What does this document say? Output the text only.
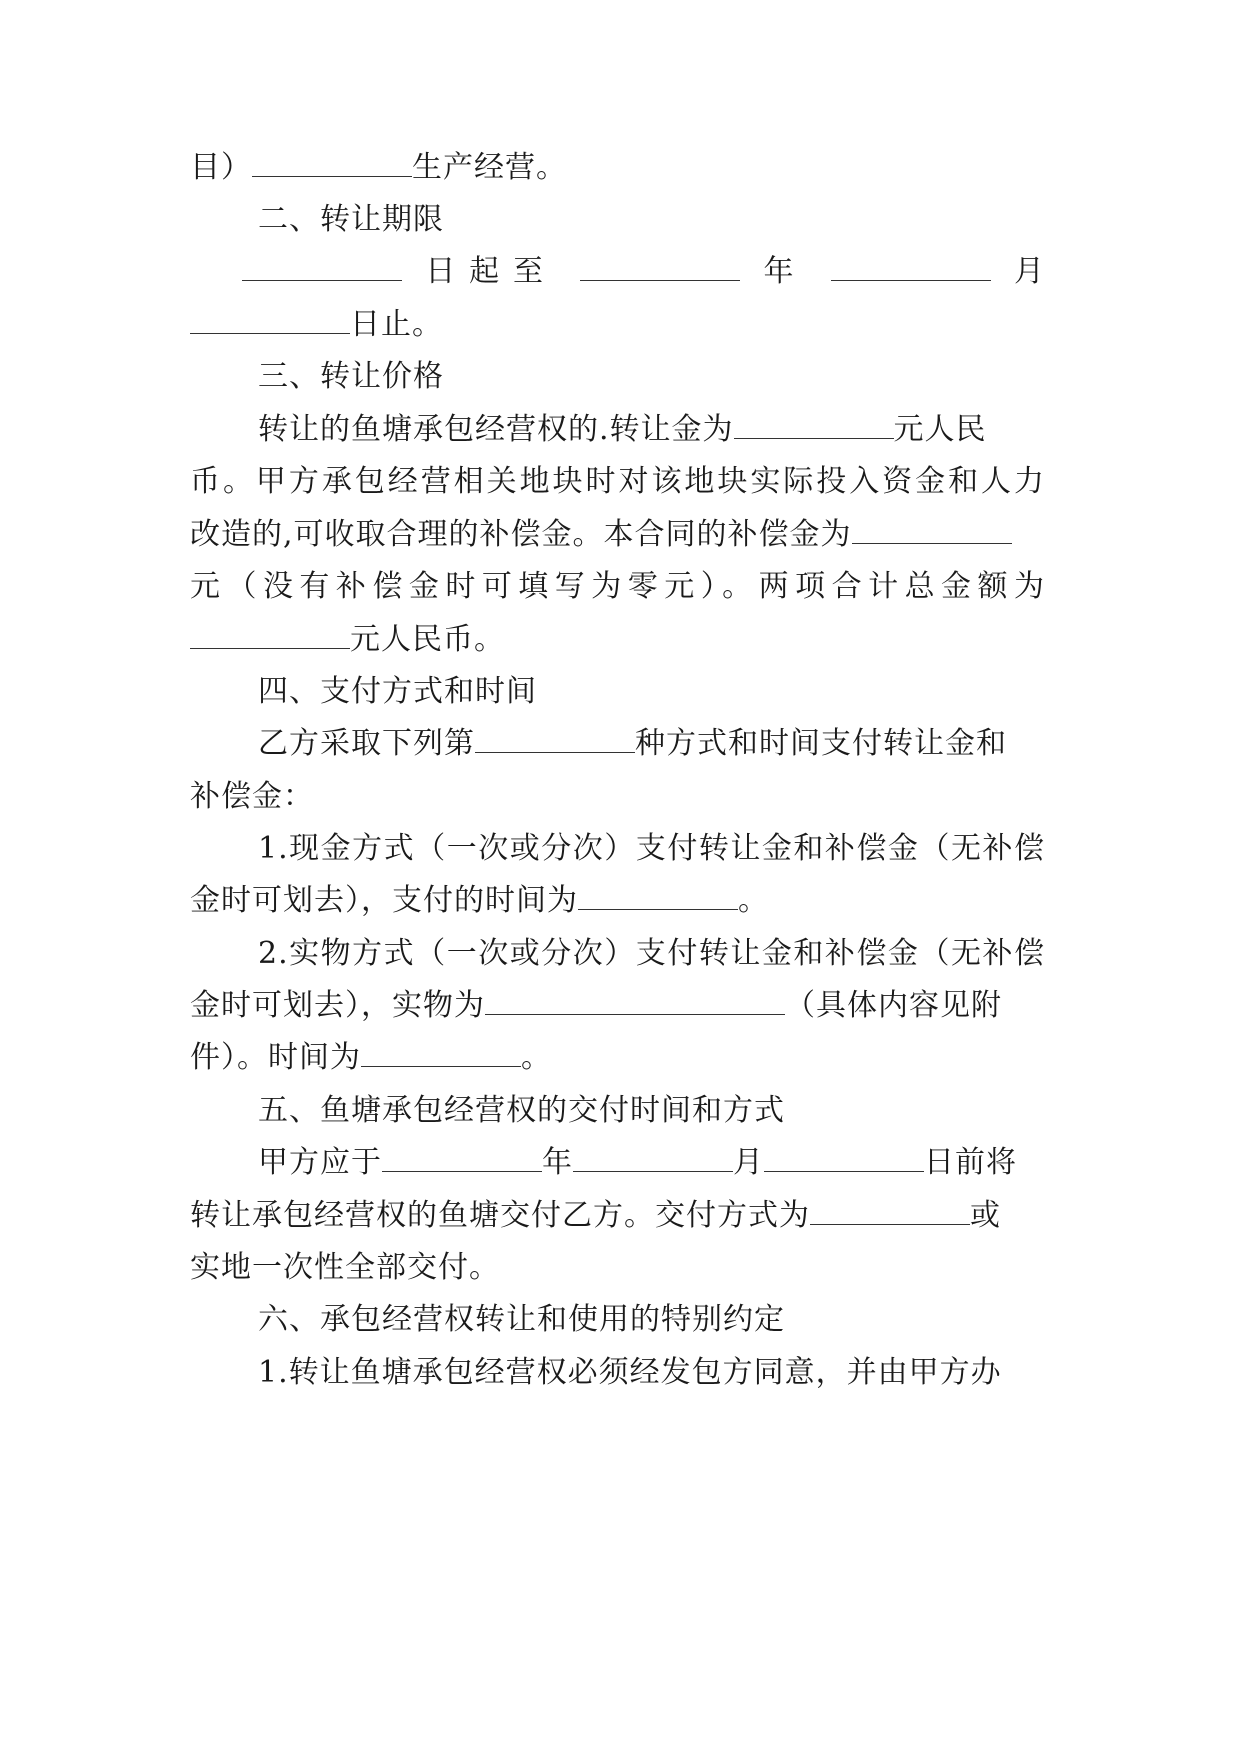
目）	生产经营。
二、转让期限
日起至	年	月
日止。
三、转让价格
转让的鱼塘承包经营权的.转让金为	元人民
币。甲方承包经营相关地块时对该地块实际投入资金和人力
改造的,可收取合理的补偿金。本合同的补偿金为
元（没有补偿金时可填写为零元）。两项合计总金额为
元人民币。
四、支付方式和时间
乙方采取下列第	种方式和时间支付转让金和
补偿金：
1.现金方式（一次或分次）支付转让金和补偿金（无补偿
金时可划去），支付的时间为	。
2.实物方式（一次或分次）支付转让金和补偿金（无补偿
金时可划去），实物为	（具体内容见附
件）。时间为	。
五、鱼塘承包经营权的交付时间和方式
甲方应于	年	月	日前将
转让承包经营权的鱼塘交付乙方。交付方式为	或
实地一次性全部交付。
六、承包经营权转让和使用的特别约定
1.转让鱼塘承包经营权必须经发包方同意，并由甲方办
